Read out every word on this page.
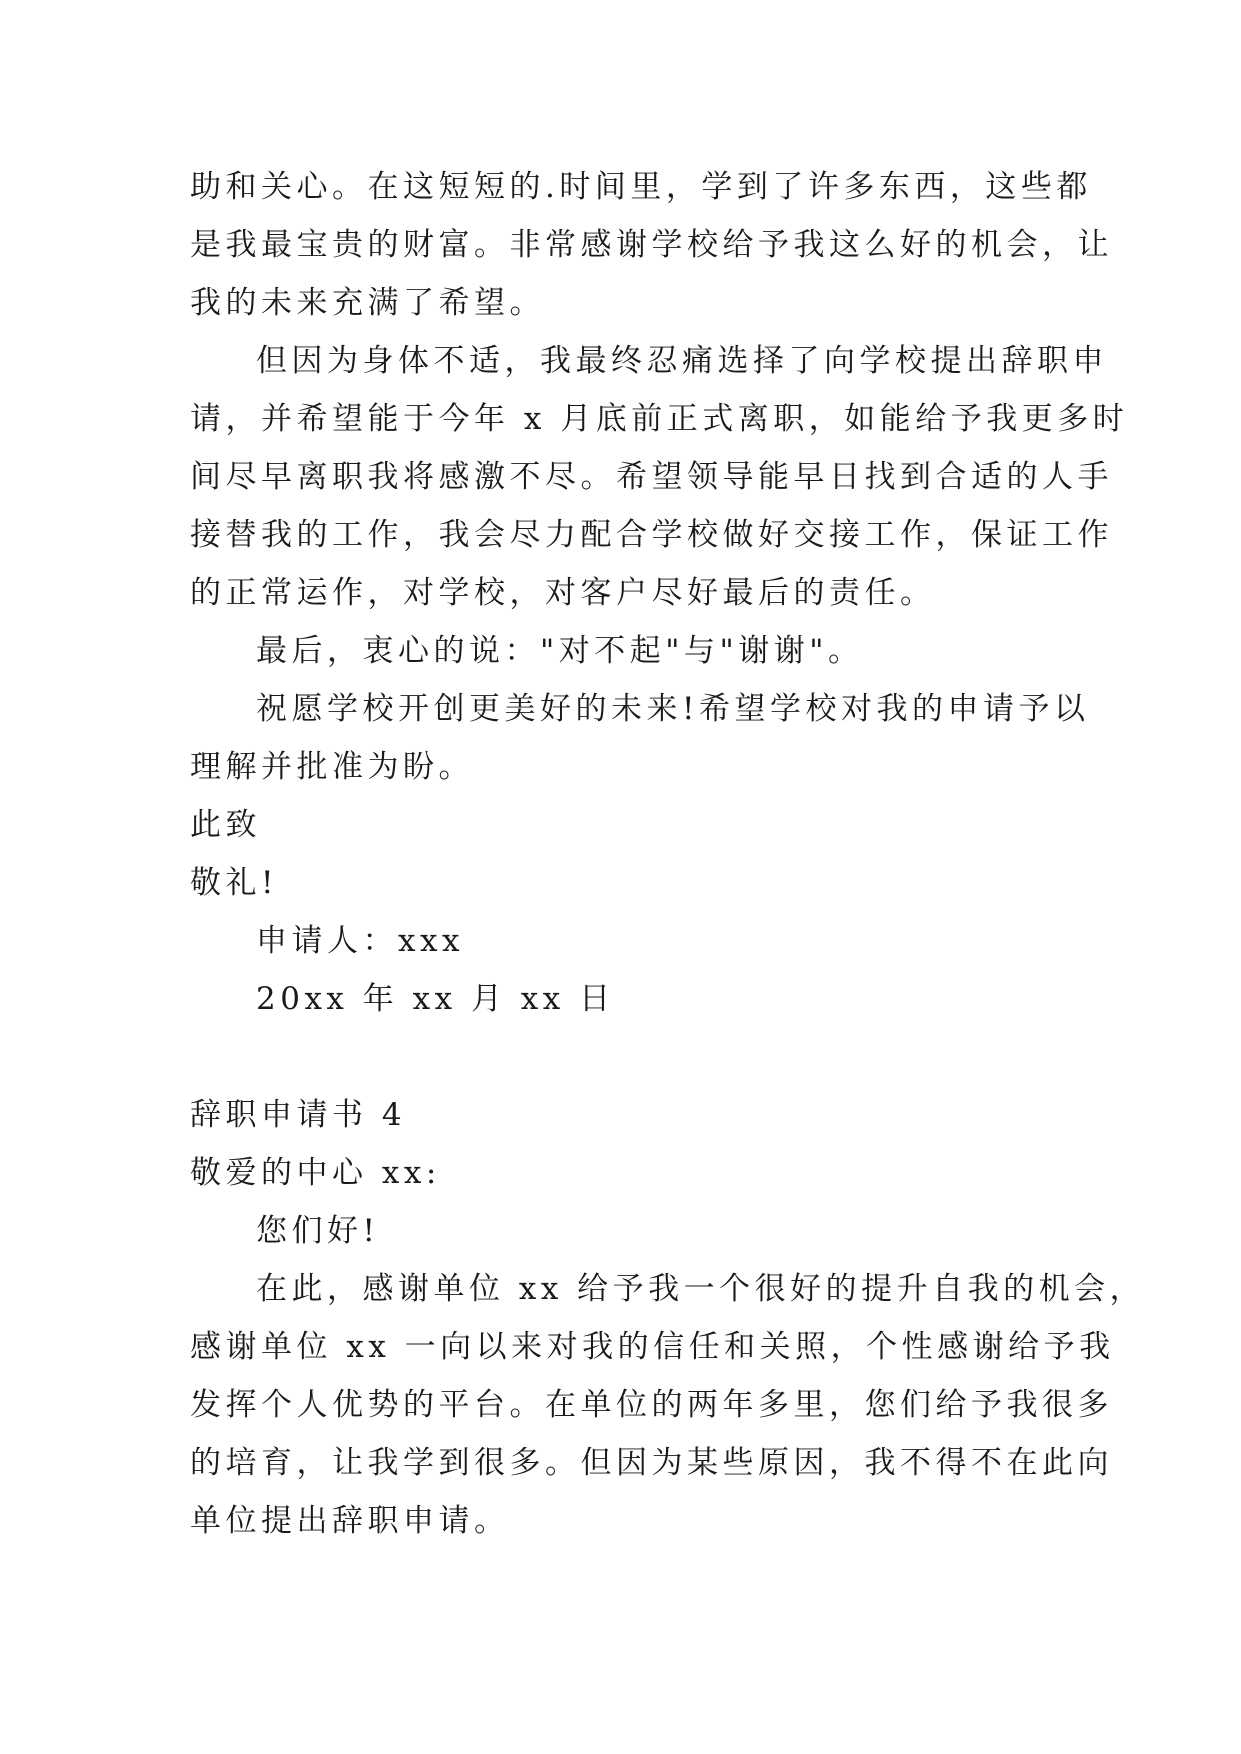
助和关心。在这短短的.时间里，学到了许多东西，这些都
是我最宝贵的财富。非常感谢学校给予我这么好的机会，让
我的未来充满了希望。
但因为身体不适，我最终忍痛选择了向学校提出辞职申
请，并希望能于今年 x 月底前正式离职，如能给予我更多时
间尽早离职我将感激不尽。希望领导能早日找到合适的人手
接替我的工作，我会尽力配合学校做好交接工作，保证工作
的正常运作，对学校，对客户尽好最后的责任。
最后，衷心的说："对不起"与"谢谢"。
祝愿学校开创更美好的未来!希望学校对我的申请予以
理解并批准为盼。
此致
敬礼!
申请人：xxx
20xx 年 xx 月 xx 日
辞职申请书 4
敬爱的中心 xx:
您们好!
在此，感谢单位 xx 给予我一个很好的提升自我的机会，
感谢单位 xx 一向以来对我的信任和关照，个性感谢给予我
发挥个人优势的平台。在单位的两年多里，您们给予我很多
的培育，让我学到很多。但因为某些原因，我不得不在此向
单位提出辞职申请。
